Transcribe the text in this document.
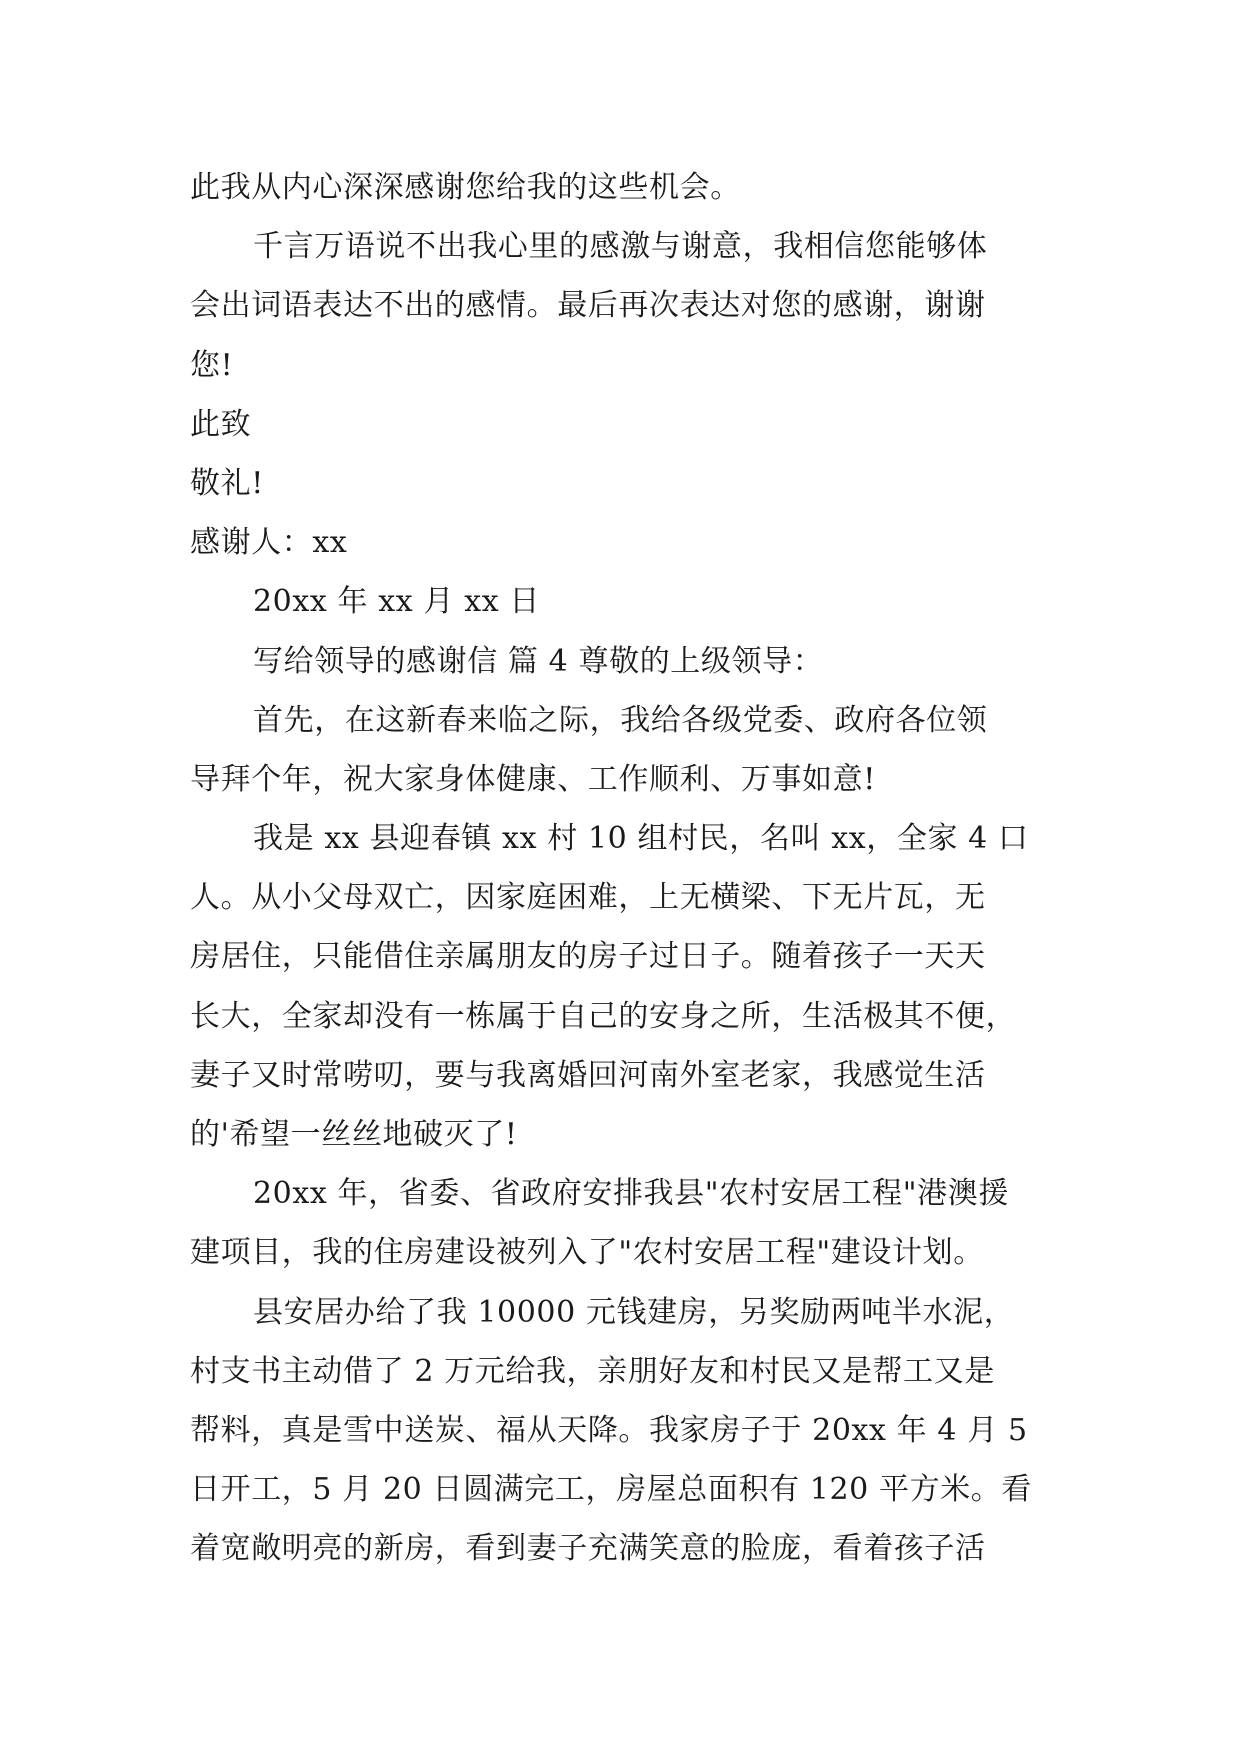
此我从内心深深感谢您给我的这些机会。
千言万语说不出我心里的感激与谢意，我相信您能够体
会出词语表达不出的感情。最后再次表达对您的感谢，谢谢
您!
此致
敬礼!
感谢人：xx
20xx 年 xx 月 xx 日
写给领导的感谢信 篇 4 尊敬的上级领导：
首先，在这新春来临之际，我给各级党委、政府各位领
导拜个年，祝大家身体健康、工作顺利、万事如意!
我是 xx 县迎春镇 xx 村 10 组村民，名叫 xx，全家 4 口
人。从小父母双亡，因家庭困难，上无横梁、下无片瓦，无
房居住，只能借住亲属朋友的房子过日子。随着孩子一天天
长大，全家却没有一栋属于自己的安身之所，生活极其不便，
妻子又时常唠叨，要与我离婚回河南外室老家，我感觉生活
的'希望一丝丝地破灭了!
20xx 年，省委、省政府安排我县"农村安居工程"港澳援
建项目，我的住房建设被列入了"农村安居工程"建设计划。
县安居办给了我 10000 元钱建房，另奖励两吨半水泥，
村支书主动借了 2 万元给我，亲朋好友和村民又是帮工又是
帮料，真是雪中送炭、福从天降。我家房子于 20xx 年 4 月 5
日开工，5 月 20 日圆满完工，房屋总面积有 120 平方米。看
着宽敞明亮的新房，看到妻子充满笑意的脸庞，看着孩子活
